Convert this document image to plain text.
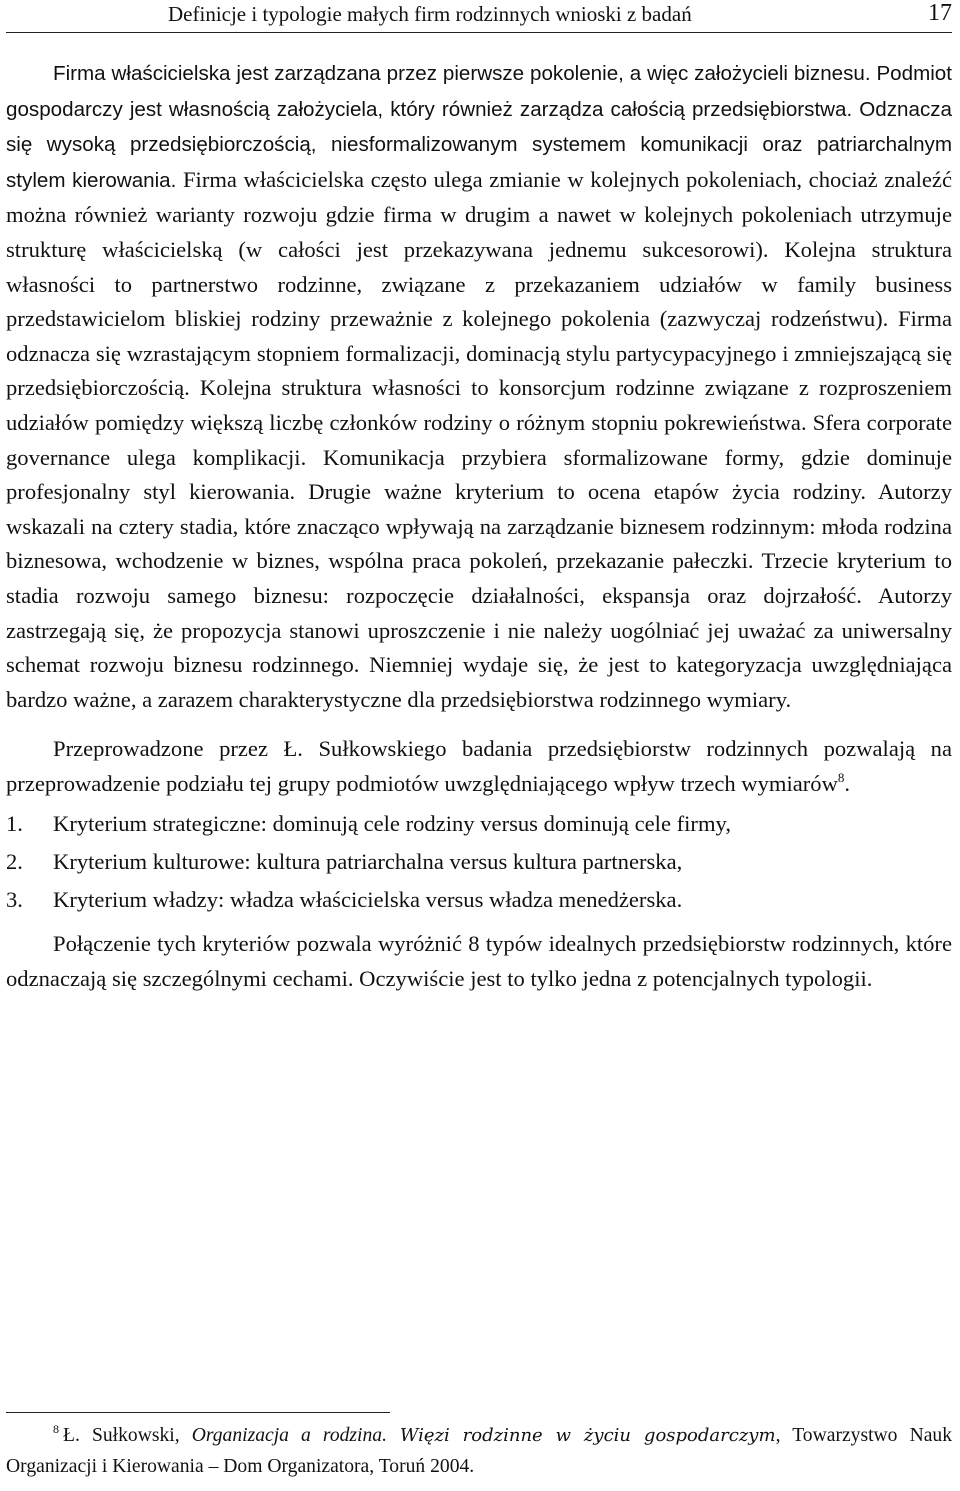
Definicje i typologie małych firm rodzinnych wnioski z badań	17

Firma właścicielska jest zarządzana przez pierwsze pokolenie, a więc założycieli biznesu. Podmiot gospodarczy jest własnością założyciela, który również zarządza całością przedsiębiorstwa. Odznacza się wysoką przedsiębiorczością, niesformalizowanym systemem komunikacji oraz patriarchalnym stylem kierowania. Firma właścicielska często ulega zmianie w kolejnych pokoleniach, chociaż znaleźć można również warianty rozwoju gdzie firma w drugim a nawet w kolejnych pokoleniach utrzymuje strukturę właścicielską (w całości jest przekazywana jednemu sukcesorowi). Kolejna struktura własności to partnerstwo rodzinne, związane z przekazaniem udziałów w family business przedstawicielom bliskiej rodziny przeważnie z kolejnego pokolenia (zazwyczaj rodzeństwu). Firma odznacza się wzrastającym stopniem formalizacji, dominacją stylu partycypacyjnego i zmniejszającą się przedsiębiorczością. Kolejna struktura własności to konsorcjum rodzinne związane z rozproszeniem udziałów pomiędzy większą liczbę członków rodziny o różnym stopniu pokrewieństwa. Sfera corporate governance ulega komplikacji. Komunikacja przybiera sformalizowane formy, gdzie dominuje profesjonalny styl kierowania. Drugie ważne kryterium to ocena etapów życia rodziny. Autorzy wskazali na cztery stadia, które znacząco wpływają na zarządzanie biznesem rodzinnym: młoda rodzina biznesowa, wchodzenie w biznes, wspólna praca pokoleń, przekazanie pałeczki. Trzecie kryterium to stadia rozwoju samego biznesu: rozpoczęcie działalności, ekspansja oraz dojrzałość. Autorzy zastrzegają się, że propozycja stanowi uproszczenie i nie należy uogólniać jej uważać za uniwersalny schemat rozwoju biznesu rodzinnego. Niemniej wydaje się, że jest to kategoryzacja uwzględniająca bardzo ważne, a zarazem charakterystyczne dla przedsiębiorstwa rodzinnego wymiary.

Przeprowadzone przez Ł. Sułkowskiego badania przedsiębiorstw rodzinnych pozwalają na przeprowadzenie podziału tej grupy podmiotów uwzględniającego wpływ trzech wymiarów$^8$.

1. Kryterium strategiczne: dominują cele rodziny versus dominują cele firmy,
2. Kryterium kulturowe: kultura patriarchalna versus kultura partnerska,
3. Kryterium władzy: władza właścicielska versus władza menedżerska.

Połączenie tych kryteriów pozwala wyróżnić 8 typów idealnych przedsiębiorstw rodzinnych, które odznaczają się szczególnymi cechami. Oczywiście jest to tylko jedna z potencjalnych typologii.

$^8$ Ł. Sułkowski, Organizacja a rodzina. Więzi rodzinne w życiu gospodarczym, Towarzystwo Nauk Organizacji i Kierowania – Dom Organizatora, Toruń 2004.
